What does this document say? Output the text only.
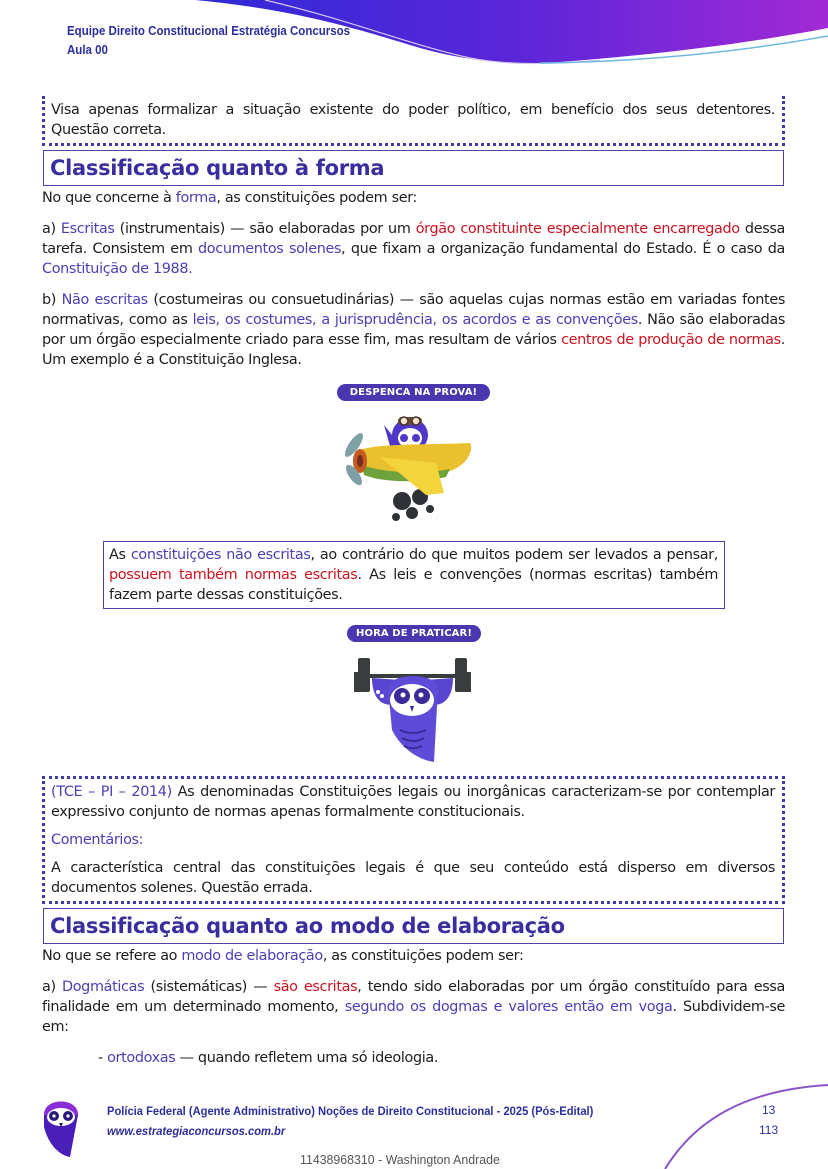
Equipe Direito Constitucional Estratégia Concursos
Aula 00
Visa apenas formalizar a situação existente do poder político, em benefício dos seus detentores. Questão correta.
Classificação quanto à forma
No que concerne à forma, as constituições podem ser:
a) Escritas (instrumentais) — são elaboradas por um órgão constituinte especialmente encarregado dessa tarefa. Consistem em documentos solenes, que fixam a organização fundamental do Estado. É o caso da Constituição de 1988.
b) Não escritas (costumeiras ou consuetudinárias) — são aquelas cujas normas estão em variadas fontes normativas, como as leis, os costumes, a jurisprudência, os acordos e as convenções. Não são elaboradas por um órgão especialmente criado para esse fim, mas resultam de vários centros de produção de normas. Um exemplo é a Constituição Inglesa.
DESPENCA NA PROVA!
As constituições não escritas, ao contrário do que muitos podem ser levados a pensar, possuem também normas escritas. As leis e convenções (normas escritas) também fazem parte dessas constituições.
HORA DE PRATICAR!
(TCE – PI – 2014) As denominadas Constituições legais ou inorgânicas caracterizam-se por contemplar expressivo conjunto de normas apenas formalmente constitucionais.
Comentários:
A característica central das constituições legais é que seu conteúdo está disperso em diversos documentos solenes. Questão errada.
Classificação quanto ao modo de elaboração
No que se refere ao modo de elaboração, as constituições podem ser:
a) Dogmáticas (sistemáticas) — são escritas, tendo sido elaboradas por um órgão constituído para essa finalidade em um determinado momento, segundo os dogmas e valores então em voga. Subdividem-se em:
- ortodoxas — quando refletem uma só ideologia.
Polícia Federal (Agente Administrativo) Noções de Direito Constitucional - 2025 (Pós-Edital)
www.estrategiaconcursos.com.br
13
113
11438968310 - Washington Andrade
